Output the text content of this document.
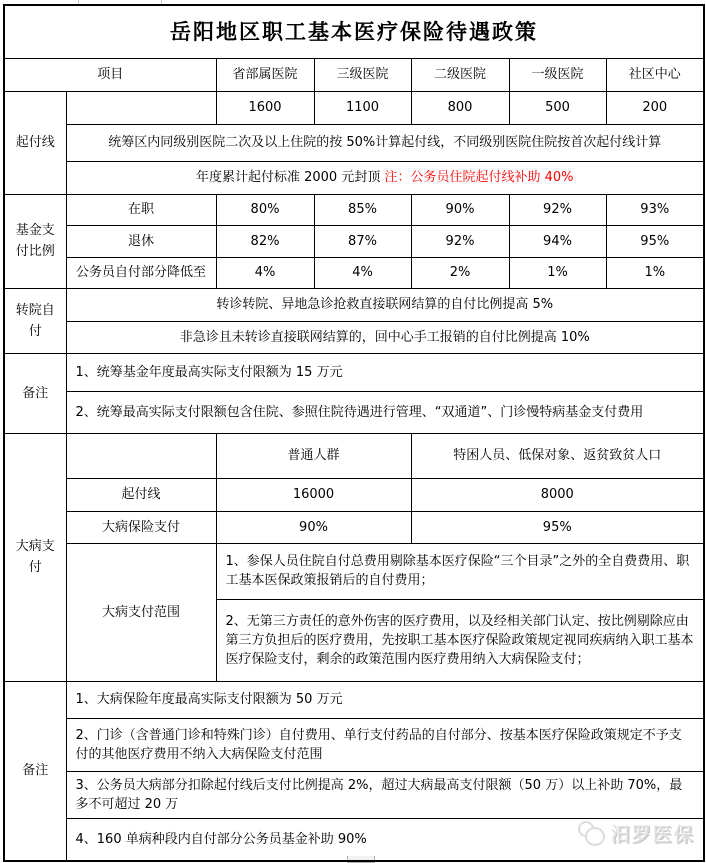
岳阳地区职工基本医疗保险待遇政策						
项目		省部属医院	三级医院	二级医院	一级医院	社区中心
起付线		1600	1100	800	500	200
	统筹区内同级别医院二次及以上住院的按 50%计算起付线，不同级别医院住院按首次起付线计算					
	年度累计起付标准 2000 元封顶 注：公务员住院起付线补助 40%					
基金支付比例	在职	80%	85%	90%	92%	93%
	退休	82%	87%	92%	94%	95%
	公务员自付部分降低至	4%	4%	2%	1%	1%
转院自付	转诊转院、异地急诊抢救直接联网结算的自付比例提高 5%					
	非急诊且未转诊直接联网结算的，回中心手工报销的自付比例提高 10%					
备注	1、统筹基金年度最高实际支付限额为 15 万元					
	2、统筹最高实际支付限额包含住院、参照住院待遇进行管理、“双通道”、门诊慢特病基金支付费用					
大病支付		普通人群		特困人员、低保对象、返贫致贫人口		
	起付线	16000		8000		
	大病保险支付	90%		95%		
	大病支付范围	1、参保人员住院自付总费用剔除基本医疗保险“三个目录”之外的全自费费用、职工基本医保政策报销后的自付费用；				
		2、无第三方责任的意外伤害的医疗费用，以及经相关部门认定、按比例剔除应由第三方负担后的医疗费用，先按职工基本医疗保险政策规定视同疾病纳入职工基本医疗保险支付，剩余的政策范围内医疗费用纳入大病保险支付；				
备注	1、大病保险年度最高实际支付限额为 50 万元					
	2、门诊（含普通门诊和特殊门诊）自付费用、单行支付药品的自付部分、按基本医疗保险政策规定不予支付的其他医疗费用不纳入大病保险支付范围					
	3、公务员大病部分扣除起付线后支付比例提高 2%，超过大病最高支付限额（50 万）以上补助 70%，最多不可超过 20 万					
	4、160 单病种段内自付部分公务员基金补助 90%						汨罗医保
